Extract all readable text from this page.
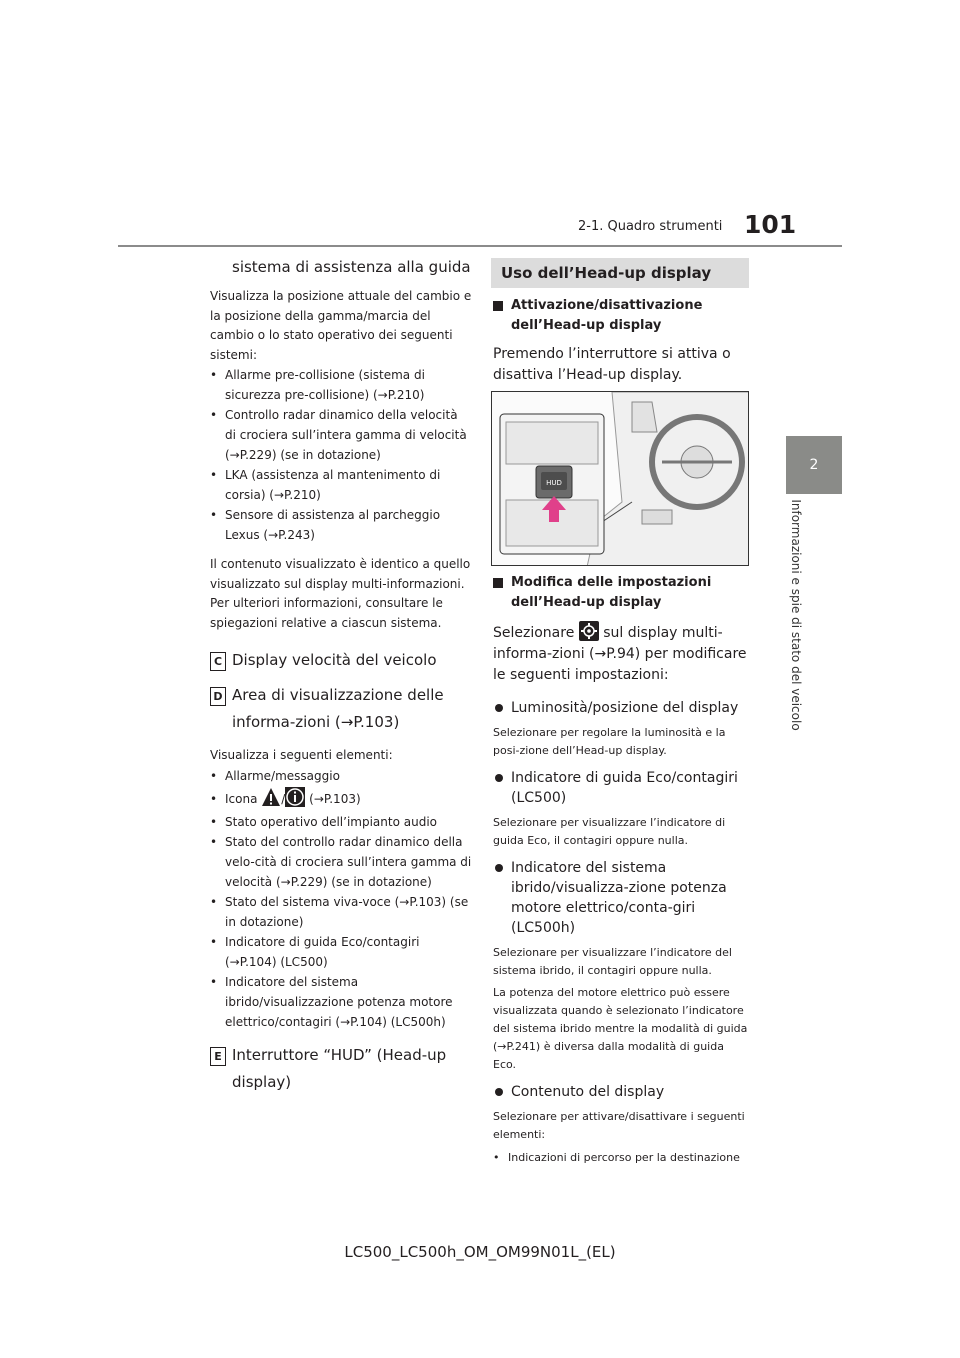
2-1. Quadro strumenti 101
2
Informazioni e spie di stato del veicolo
sistema di assistenza alla guida
Visualizza la posizione attuale del cambio e la posizione della gamma/marcia del cambio o lo stato operativo dei seguenti sistemi:
• Allarme pre-collisione (sistema di sicurezza pre-collisione) (→P.210)
• Controllo radar dinamico della velocità di crociera sull’intera gamma di velocità (→P.229) (se in dotazione)
• LKA (assistenza al mantenimento di corsia) (→P.210)
• Sensore di assistenza al parcheggio Lexus (→P.243)
Il contenuto visualizzato è identico a quello visualizzato sul display multi-informazioni. Per ulteriori informazioni, consultare le spiegazioni relative a ciascun sistema.
C Display velocità del veicolo
D Area di visualizzazione delle informa-zioni (→P.103)
Visualizza i seguenti elementi:
• Allarme/messaggio
• Icona / (→P.103)
• Stato operativo dell’impianto audio
• Stato del controllo radar dinamico della velo-cità di crociera sull’intera gamma di velocità (→P.229) (se in dotazione)
• Stato del sistema viva-voce (→P.103) (se in dotazione)
• Indicatore di guida Eco/contagiri (→P.104) (LC500)
• Indicatore del sistema ibrido/visualizzazione potenza motore elettrico/contagiri (→P.104) (LC500h)
E Interruttore “HUD” (Head-up display)
Uso dell’Head-up display
Attivazione/disattivazione dell’Head-up display
Premendo l’interruttore si attiva o disattiva l’Head-up display.
HUD
Modifica delle impostazioni dell’Head-up display
Selezionare sul display multi-informa-zioni (→P.94) per modificare le seguenti impostazioni:
Luminosità/posizione del display
Selezionare per regolare la luminosità e la posi-zione dell’Head-up display.
Indicatore di guida Eco/contagiri (LC500)
Selezionare per visualizzare l’indicatore di guida Eco, il contagiri oppure nulla.
Indicatore del sistema ibrido/visualizza-zione potenza motore elettrico/conta-giri (LC500h)
Selezionare per visualizzare l’indicatore del sistema ibrido, il contagiri oppure nulla.
La potenza del motore elettrico può essere visualizzata quando è selezionato l’indicatore del sistema ibrido mentre la modalità di guida (→P.241) è diversa dalla modalità di guida Eco.
Contenuto del display
Selezionare per attivare/disattivare i seguenti elementi:
• Indicazioni di percorso per la destinazione
LC500_LC500h_OM_OM99N01L_(EL)
